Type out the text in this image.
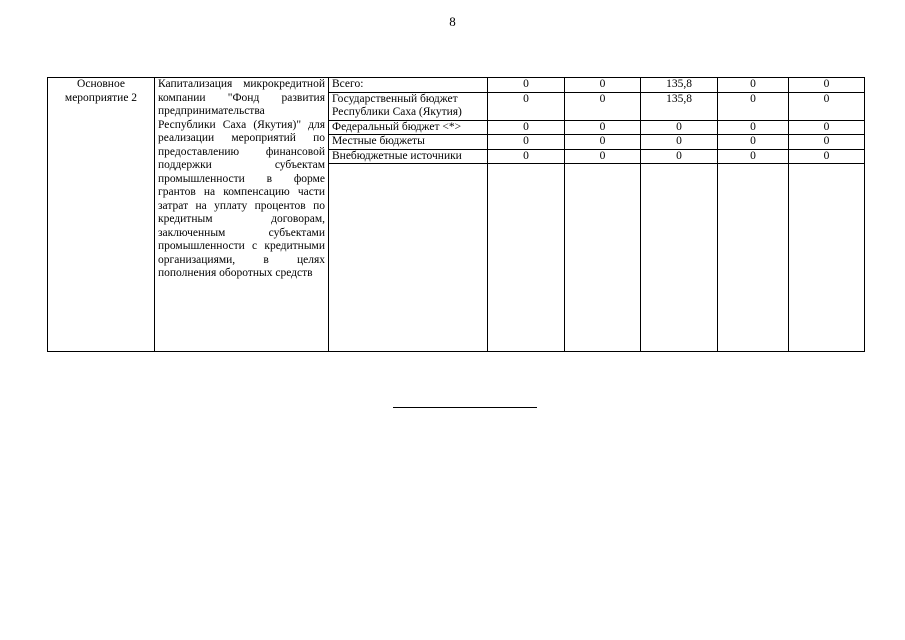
8
Основное мероприятие 2	Капитализация микрокредитной компании "Фонд развития предпринимательства Республики Саха (Якутия)" для реализации мероприятий по предоставлению финансовой поддержки субъектам промышленности в форме грантов на компенсацию части затрат на уплату процентов по кредитным договорам, заключенным субъектами промышленности с кредитными организациями, в целях пополнения оборотных средств	Всего:	0	0	135,8	0	0
		Государственный бюджет Республики Саха (Якутия)	0	0	135,8	0	0
		Федеральный бюджет <*>	0	0	0	0	0
		Местные бюджеты	0	0	0	0	0
		Внебюджетные источники	0	0	0	0	0
